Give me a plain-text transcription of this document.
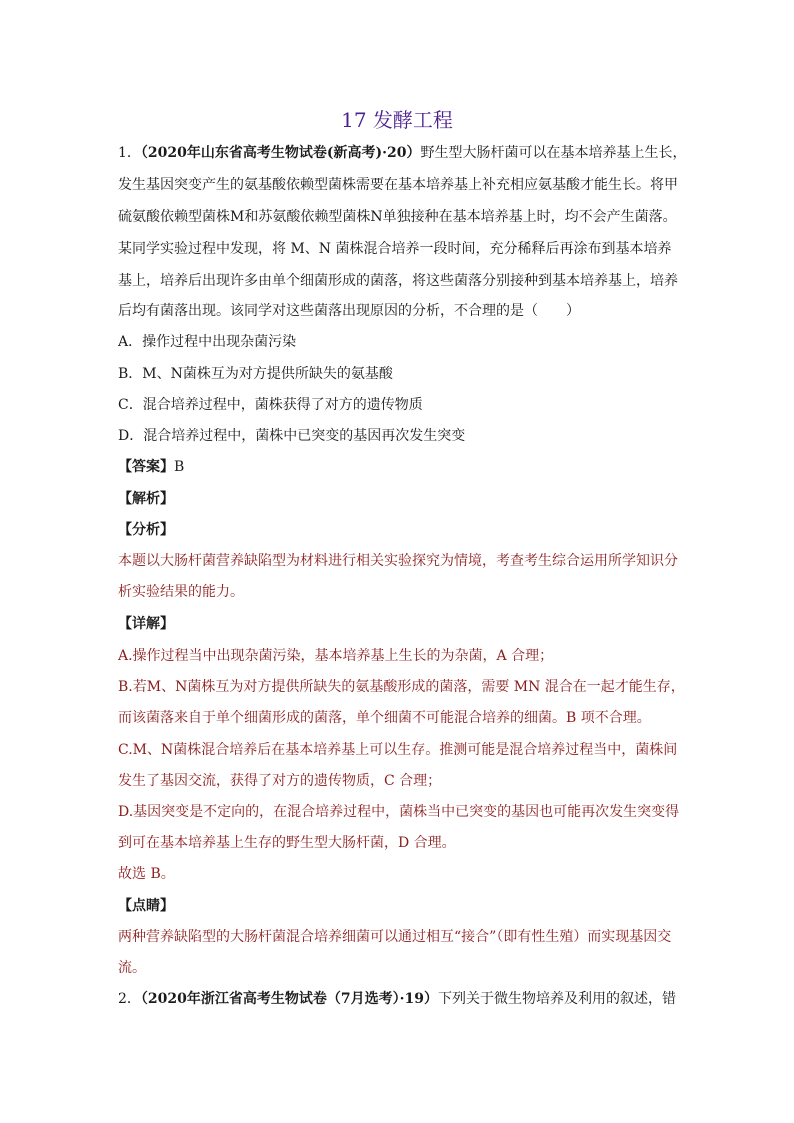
17 发酵工程
1．（2020年山东省高考生物试卷(新高考)·20）野生型大肠杆菌可以在基本培养基上生长，
发生基因突变产生的氨基酸依赖型菌株需要在基本培养基上补充相应氨基酸才能生长。将甲
硫氨酸依赖型菌株M和苏氨酸依赖型菌株N单独接种在基本培养基上时，均不会产生菌落。
某同学实验过程中发现，将 M、N 菌株混合培养一段时间，充分稀释后再涂布到基本培养
基上，培养后出现许多由单个细菌形成的菌落，将这些菌落分别接种到基本培养基上，培养
后均有菌落出现。该同学对这些菌落出现原因的分析，不合理的是（　　）
A．操作过程中出现杂菌污染
B．M、N菌株互为对方提供所缺失的氨基酸
C．混合培养过程中，菌株获得了对方的遗传物质
D．混合培养过程中，菌株中已突变的基因再次发生突变
【答案】B
【解析】
【分析】
本题以大肠杆菌营养缺陷型为材料进行相关实验探究为情境，考查考生综合运用所学知识分
析实验结果的能力。
【详解】
A.操作过程当中出现杂菌污染，基本培养基上生长的为杂菌，A 合理；
B.若M、N菌株互为对方提供所缺失的氨基酸形成的菌落，需要 MN 混合在一起才能生存，
而该菌落来自于单个细菌形成的菌落，单个细菌不可能混合培养的细菌。B 项不合理。
C.M、N菌株混合培养后在基本培养基上可以生存。推测可能是混合培养过程当中，菌株间
发生了基因交流，获得了对方的遗传物质，C 合理；
D.基因突变是不定向的，在混合培养过程中，菌株当中已突变的基因也可能再次发生突变得
到可在基本培养基上生存的野生型大肠杆菌，D 合理。
故选 B。
【点睛】
两种营养缺陷型的大肠杆菌混合培养细菌可以通过相互“接合”（即有性生殖）而实现基因交
流。
2．（2020年浙江省高考生物试卷（7月选考）·19）下列关于微生物培养及利用的叙述，错
